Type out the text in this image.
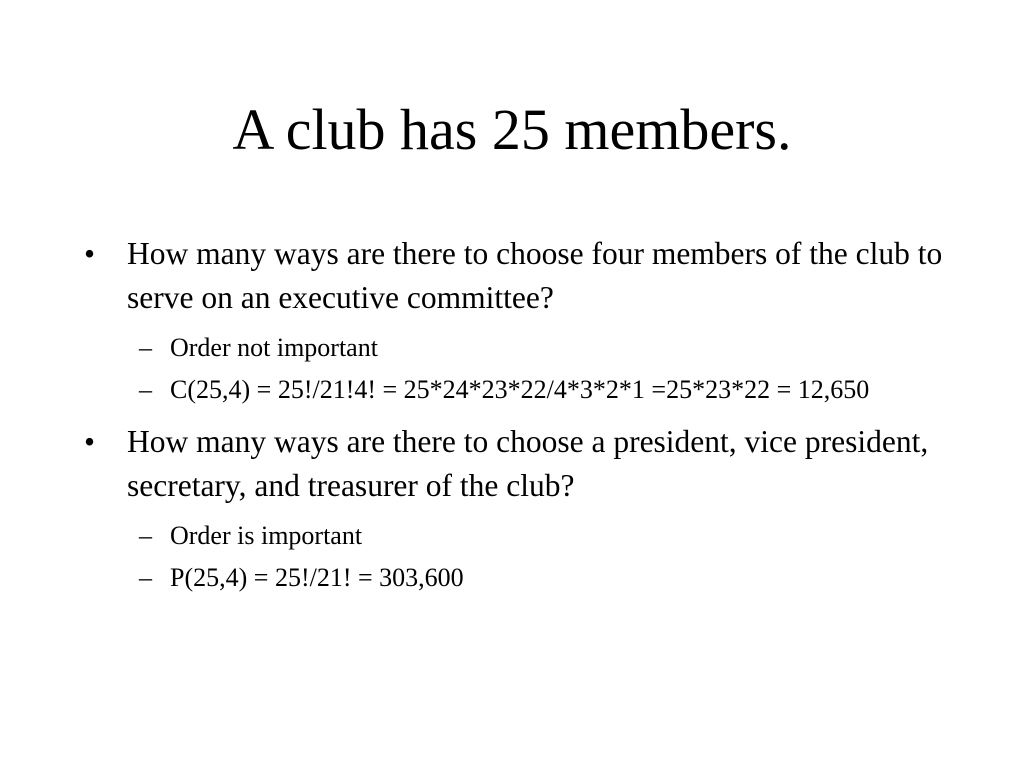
A club has 25 members.
• How many ways are there to choose four members of the club to serve on an executive committee?
– Order not important
– C(25,4) = 25!/21!4! = 25*24*23*22/4*3*2*1 =25*23*22 = 12,650
• How many ways are there to choose a president, vice president, secretary, and treasurer of the club?
– Order is important
– P(25,4) = 25!/21! = 303,600
